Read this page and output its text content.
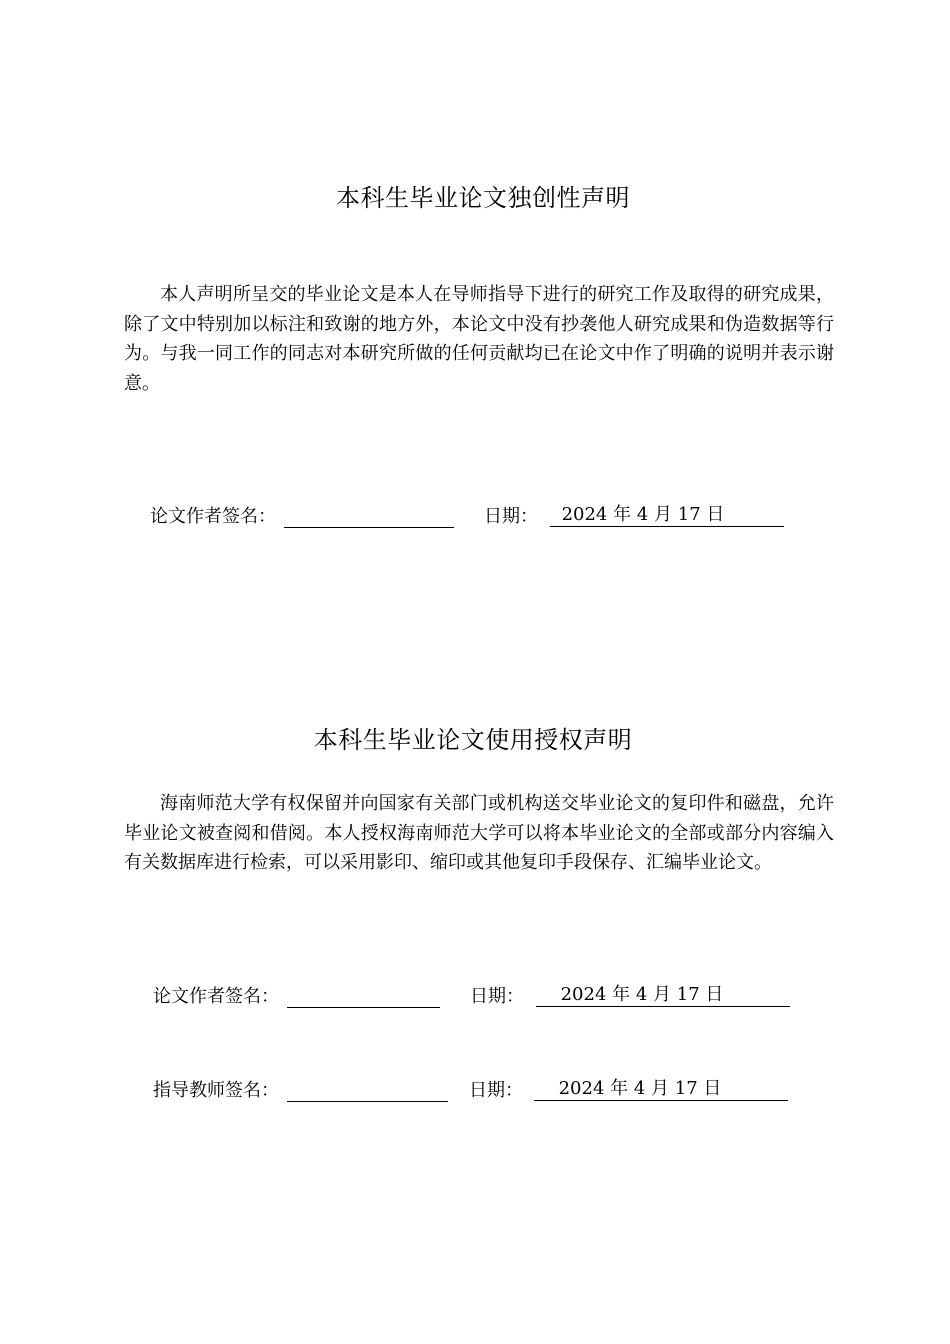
本科生毕业论文独创性声明

本人声明所呈交的毕业论文是本人在导师指导下进行的研究工作及取得的研究成果，除了文中特别加以标注和致谢的地方外，本论文中没有抄袭他人研究成果和伪造数据等行为。与我一同工作的同志对本研究所做的任何贡献均已在论文中作了明确的说明并表示谢意。

论文作者签名：	日期：	2024 年 4 月 17 日
本科生毕业论文使用授权声明

海南师范大学有权保留并向国家有关部门或机构送交毕业论文的复印件和磁盘，允许毕业论文被查阅和借阅。本人授权海南师范大学可以将本毕业论文的全部或部分内容编入有关数据库进行检索，可以采用影印、缩印或其他复印手段保存、汇编毕业论文。

论文作者签名：	日期：	2024 年 4 月 17 日
指导教师签名：	日期：	2024 年 4 月 17 日
